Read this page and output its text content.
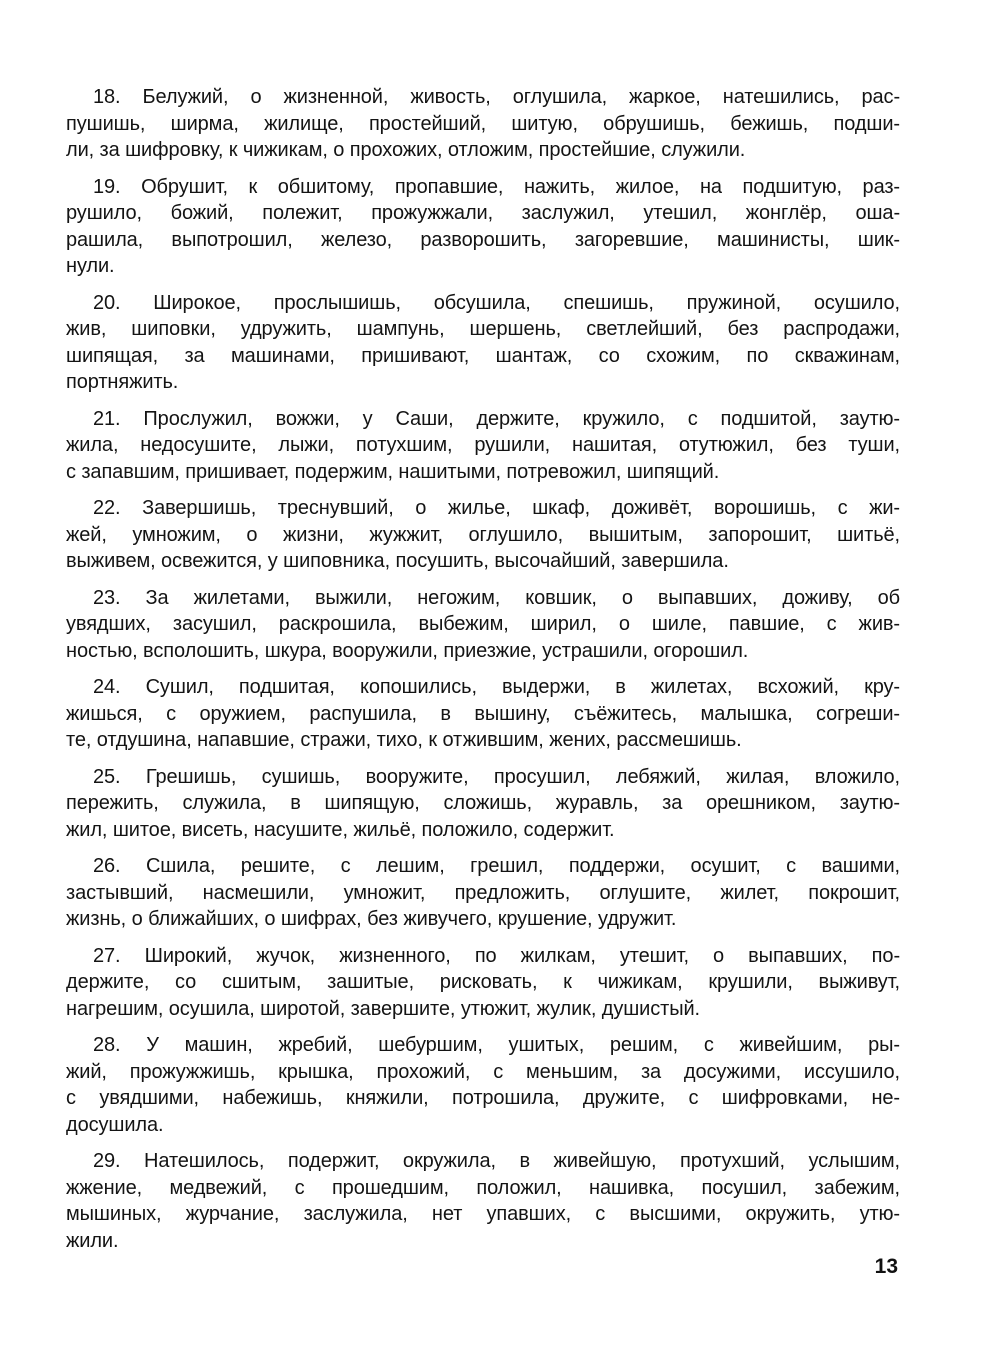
18. Белужий, о жизненной, живость, оглушила, жаркое, натешились, рас-
пушишь, ширма, жилище, простейший, шитую, обрушишь, бежишь, подши-
ли, за шифровку, к чижикам, о прохожих, отложим, простейшие, служили.
19. Обрушит, к обшитому, пропавшие, нажить, жилое, на подшитую, раз-
рушило, божий, полежит, прожужжали, заслужил, утешил, жонглёр, оша-
рашила, выпотрошил, железо, разворошить, загоревшие, машинисты, шик-
нули.
20. Широкое, прослышишь, обсушила, спешишь, пружиной, осушило,
жив, шиповки, удружить, шампунь, шершень, светлейший, без распродажи,
шипящая, за машинами, пришивают, шантаж, со схожим, по скважинам,
портняжить.
21. Прослужил, вожжи, у Саши, держите, кружило, с подшитой, заутю-
жила, недосушите, лыжи, потухшим, рушили, нашитая, отутюжил, без туши,
с запавшим, пришивает, подержим, нашитыми, потревожил, шипящий.
22. Завершишь, треснувший, о жилье, шкаф, доживёт, ворошишь, с жи-
жей, умножим, о жизни, жужжит, оглушило, вышитым, запорошит, шитьё,
выживем, освежится, у шиповника, посушить, высочайший, завершила.
23. За жилетами, выжили, негожим, ковшик, о выпавших, доживу, об
увядших, засушил, раскрошила, выбежим, ширил, о шиле, павшие, с жив-
ностью, всполошить, шкура, вооружили, приезжие, устрашили, огорошил.
24. Сушил, подшитая, копошились, выдержи, в жилетах, всхожий, кру-
жишься, с оружием, распушила, в вышину, съёжитесь, малышка, согреши-
те, отдушина, напавшие, стражи, тихо, к отжившим, жених, рассмешишь.
25. Грешишь, сушишь, вооружите, просушил, лебяжий, жилая, вложило,
пережить, служила, в шипящую, сложишь, журавль, за орешником, заутю-
жил, шитое, висеть, насушите, жильё, положило, содержит.
26. Сшила, решите, с лешим, грешил, поддержи, осушит, с вашими,
застывший, насмешили, умножит, предложить, оглушите, жилет, покрошит,
жизнь, о ближайших, о шифрах, без живучего, крушение, удружит.
27. Широкий, жучок, жизненного, по жилкам, утешит, о выпавших, по-
держите, со сшитым, зашитые, рисковать, к чижикам, крушили, выживут,
нагрешим, осушила, широтой, завершите, утюжит, жулик, душистый.
28. У машин, жребий, шебуршим, ушитых, решим, с живейшим, ры-
жий, прожужжишь, крышка, прохожий, с меньшим, за досужими, иссушило,
с увядшими, набежишь, княжили, потрошила, дружите, с шифровками, не-
досушила.
29. Натешилось, подержит, окружила, в живейшую, протухший, услышим,
жжение, медвежий, с прошедшим, положил, нашивка, посушил, забежим,
мышиных, журчание, заслужила, нет упавших, с высшими, окружить, утю-
жили.
13
